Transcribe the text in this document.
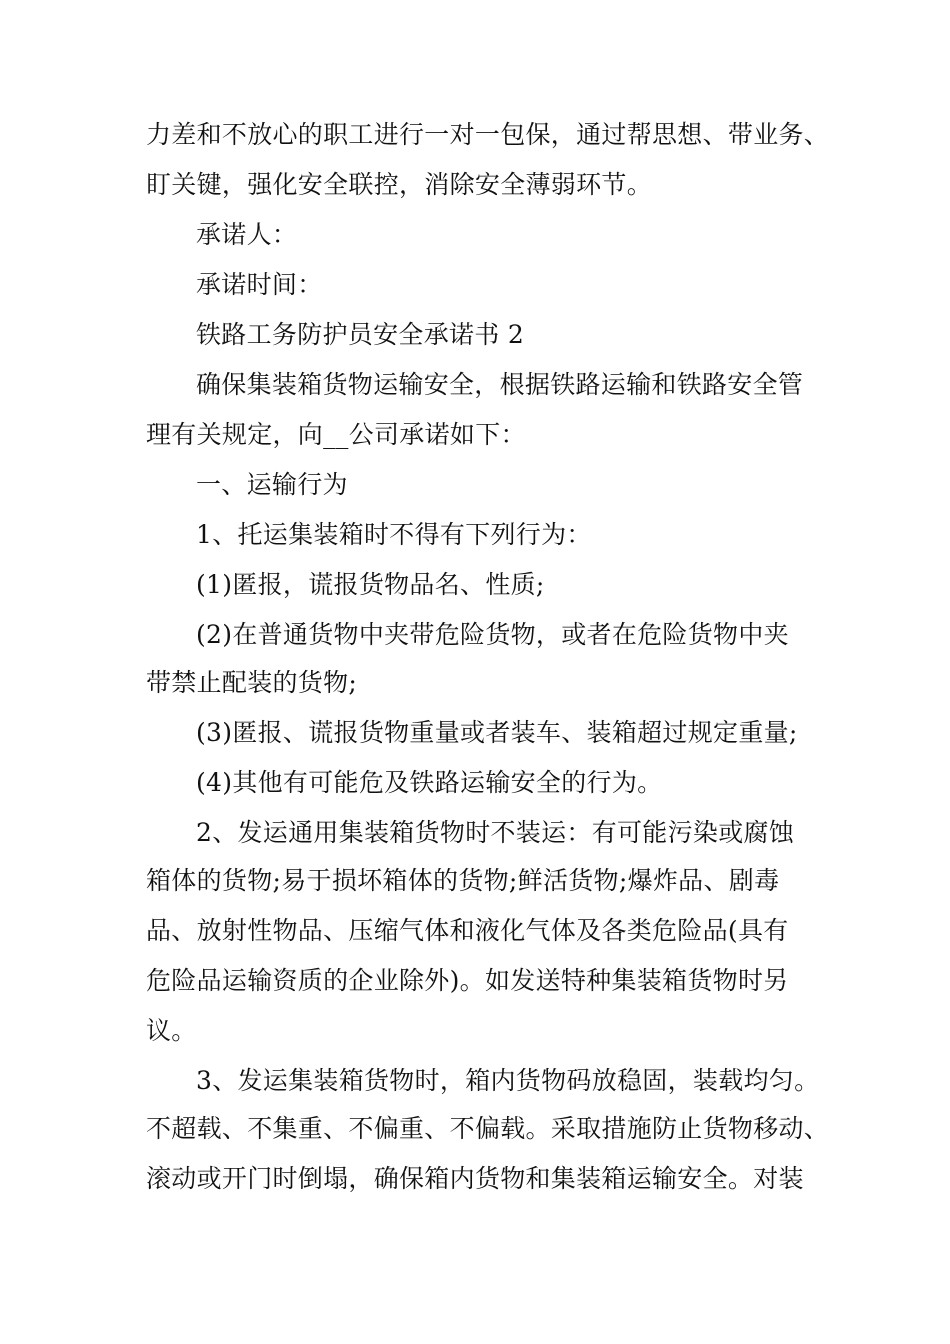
力差和不放心的职工进行一对一包保，通过帮思想、带业务、
盯关键，强化安全联控，消除安全薄弱环节。
承诺人：
承诺时间：
铁路工务防护员安全承诺书 2
确保集装箱货物运输安全，根据铁路运输和铁路安全管
理有关规定，向__公司承诺如下：
一、运输行为
1、托运集装箱时不得有下列行为：
(1)匿报，谎报货物品名、性质;
(2)在普通货物中夹带危险货物，或者在危险货物中夹
带禁止配装的货物;
(3)匿报、谎报货物重量或者装车、装箱超过规定重量;
(4)其他有可能危及铁路运输安全的行为。
2、发运通用集装箱货物时不装运：有可能污染或腐蚀
箱体的货物;易于损坏箱体的货物;鲜活货物;爆炸品、剧毒
品、放射性物品、压缩气体和液化气体及各类危险品(具有
危险品运输资质的企业除外)。如发送特种集装箱货物时另
议。
3、发运集装箱货物时，箱内货物码放稳固，装载均匀。
不超载、不集重、不偏重、不偏载。采取措施防止货物移动、
滚动或开门时倒塌，确保箱内货物和集装箱运输安全。对装
